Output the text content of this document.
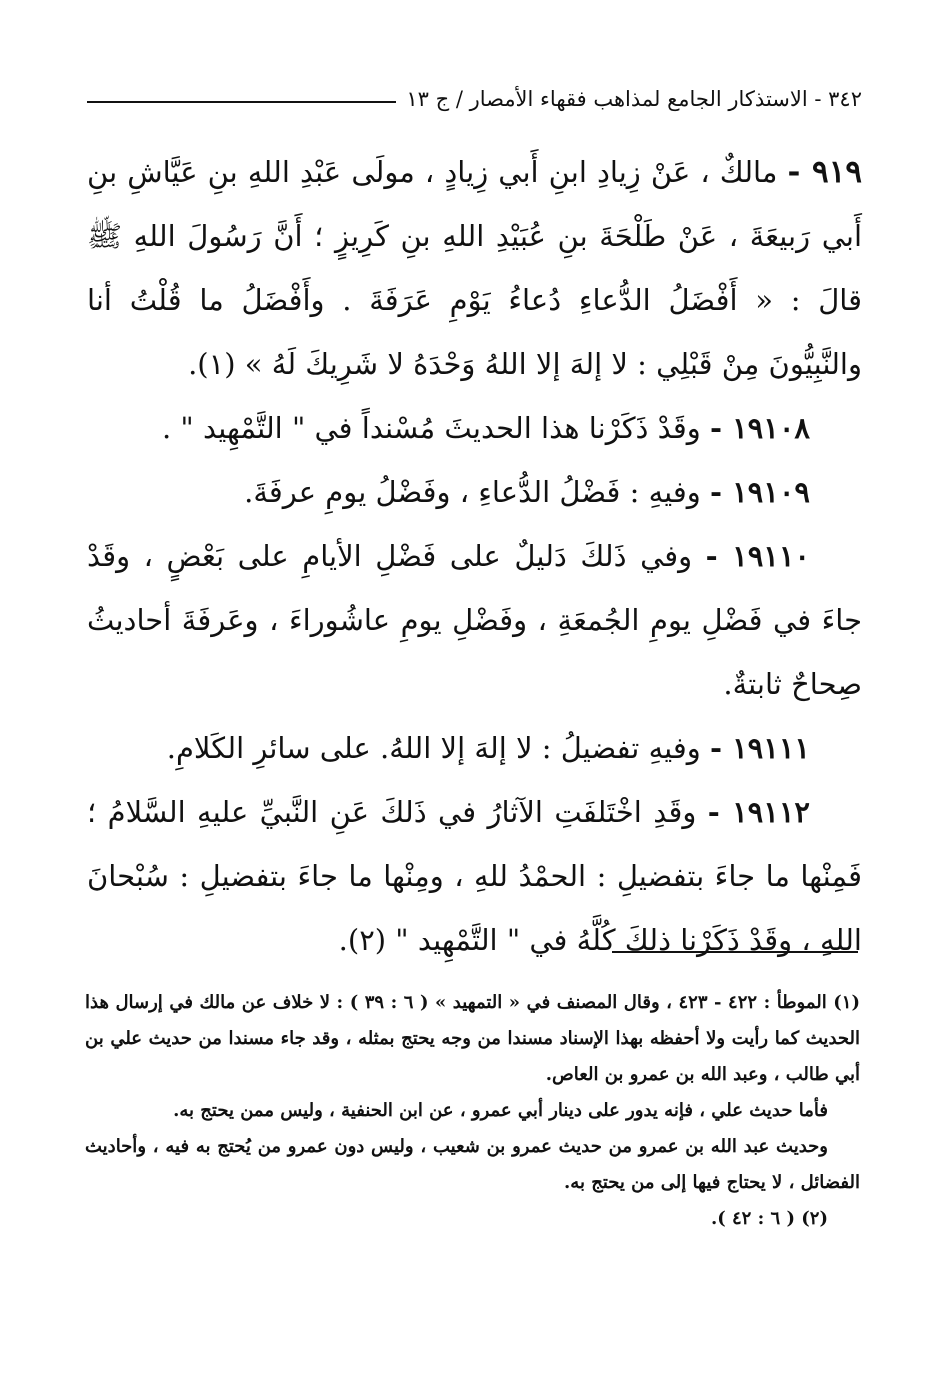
٣٤٢ - الاستذكار الجامع لمذاهب فقهاء الأمصار / ج ١٣

٩١٩ - مالكٌ ، عَنْ زِيادِ ابنِ أَبي زِيادٍ ، مولَى عَبْدِ اللهِ بنِ عَيَّاشِ بنِ أَبي رَبيعَةَ ، عَنْ طَلْحَةَ بنِ عُبَيْدِ اللهِ بنِ كَرِيزٍ ؛ أَنَّ رَسُولَ اللهِ ﷺ قالَ : « أَفْضَلُ الدُّعاءِ دُعاءُ يَوْمِ عَرَفَةَ . وأَفْضَلُ ما قُلْتُ أنا والنَّبِيُّونَ مِنْ قَبْلِي : لا إلهَ إلا اللهُ وَحْدَهُ لا شَرِيكَ لَهُ » (١).

١٩١٠٨ - وقَدْ ذَكَرْنا هذا الحديثَ مُسْنداً في " التَّمْهِيد " .

١٩١٠٩ - وفيهِ : فَضْلُ الدُّعاءِ ، وفَضْلُ يومِ عرفَةَ.

١٩١١٠ - وفي ذَلكَ دَليلٌ على فَضْلِ الأيامِ على بَعْضٍ ، وقَدْ جاءَ في فَضْلِ يومِ الجُمعَةِ ، وفَضْلِ يومِ عاشُوراءَ ، وعَرفَةَ أحاديثُ صِحاحٌ ثابتةٌ.

١٩١١١ - وفيهِ تفضيلُ : لا إلهَ إلا اللهُ. على سائرِ الكَلامِ.

١٩١١٢ - وقَدِ اخْتَلفَتِ الآثارُ في ذَلكَ عَنِ النَّبيِّ عليهِ السَّلامُ ؛ فَمِنْها ما جاءَ بتفضيلِ : الحمْدُ للهِ ، ومِنْها ما جاءَ بتفضيلِ : سُبْحانَ اللهِ ، وقَدْ ذَكَرْنا ذلكَ كُلَّهُ في " التَّمْهِيد " (٢).

(١) الموطأ : ٤٢٢ - ٤٢٣ ، وقال المصنف في « التمهيد » ( ٦ : ٣٩ ) : لا خلاف عن مالك في إرسال هذا الحديث كما رأيت ولا أحفظه بهذا الإسناد مسندا من وجه يحتج بمثله ، وقد جاء مسندا من حديث علي بن أبي طالب ، وعبد الله بن عمرو بن العاص.

فأما حديث علي ، فإنه يدور على دينار أبي عمرو ، عن ابن الحنفية ، وليس ممن يحتج به.

وحديث عبد الله بن عمرو من حديث عمرو بن شعيب ، وليس دون عمرو من يُحتج به فيه ، وأحاديث الفضائل ، لا يحتاج فيها إلى من يحتج به.

(٢) ( ٦ : ٤٢ ).
